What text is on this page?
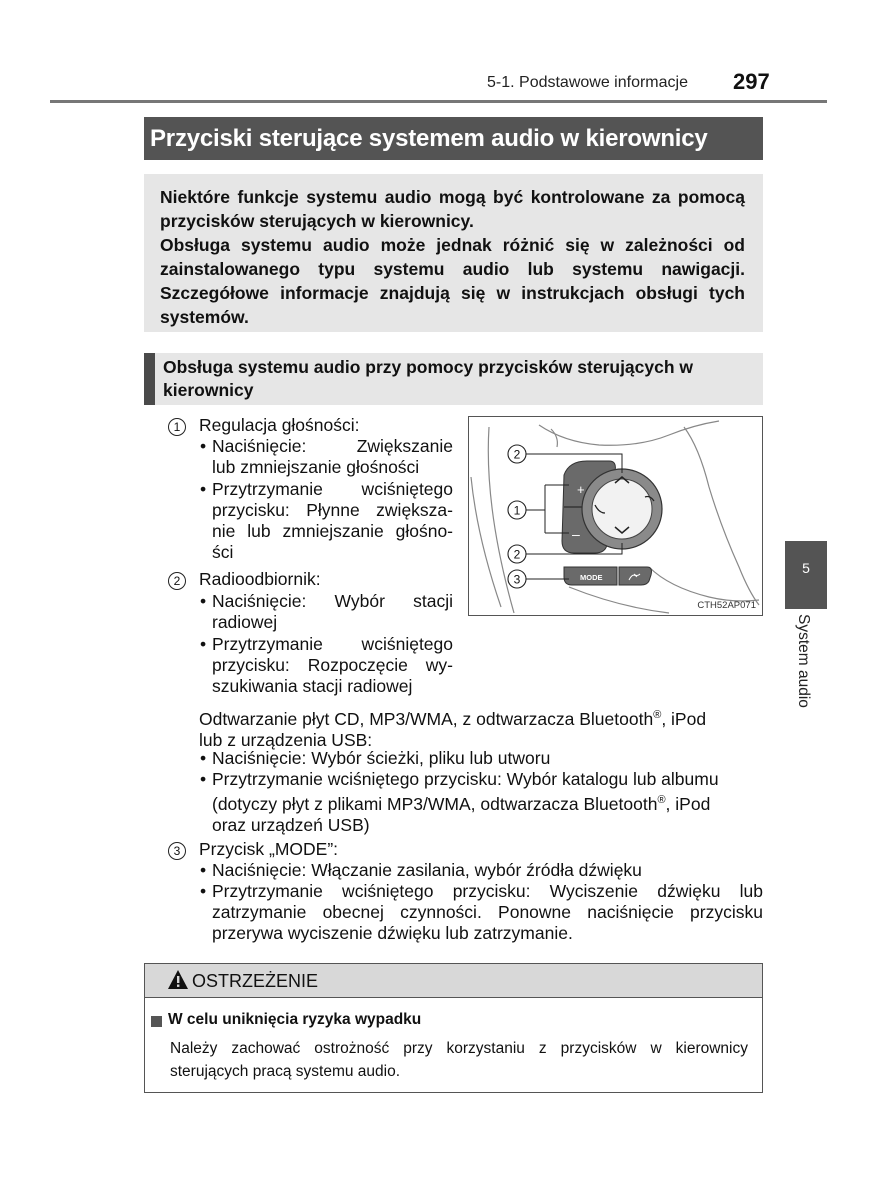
5-1. Podstawowe informacje 297
Przyciski sterujące systemem audio w kierownicy

Niektóre funkcje systemu audio mogą być kontrolowane za pomocą przycisków sterujących w kierownicy.

Obsługa systemu audio może jednak różnić się w zależności od zainstalowanego typu systemu audio lub systemu nawigacji. Szczegółowe informacje znajdują się w instrukcjach obsługi tych systemów.

Obsługa systemu audio przy pomocy przycisków sterujących w kierownicy
1	Regulacja głośności:
• Naciśnięcie: Zwiększanie
lub zmniejszanie głośności
• Przytrzymanie wciśniętego
przycisku: Płynne zwiększa-
nie lub zmniejszanie głośno-
ści
2	Radioodbiornik:
• Naciśnięcie: Wybór stacji
radiowej
• Przytrzymanie wciśniętego
przycisku: Rozpoczęcie wy-
szukiwania stacji radiowej
Odtwarzanie płyt CD, MP3/WMA, z odtwarzacza Bluetooth®, iPod
lub z urządzenia USB:
• Naciśnięcie: Wybór ścieżki, pliku lub utworu
• Przytrzymanie wciśniętego przycisku: Wybór katalogu lub albumu
(dotyczy płyt z plikami MP3/WMA, odtwarzacza Bluetooth®, iPod
oraz urządzeń USB)
3	Przycisk „MODE”:
• Naciśnięcie: Włączanie zasilania, wybór źródła dźwięku
• Przytrzymanie wciśniętego przycisku: Wyciszenie dźwięku lub
zatrzymanie obecnej czynności. Ponowne naciśnięcie przycisku
przerywa wyciszenie dźwięku lub zatrzymanie.
+
–
MODE
2
1
2
3
CTH52AP071
5
System audio
OSTRZEŻENIE
W celu uniknięcia ryzyka wypadku
Należy zachować ostrożność przy korzystaniu z przycisków w kierownicy sterujących pracą systemu audio.
